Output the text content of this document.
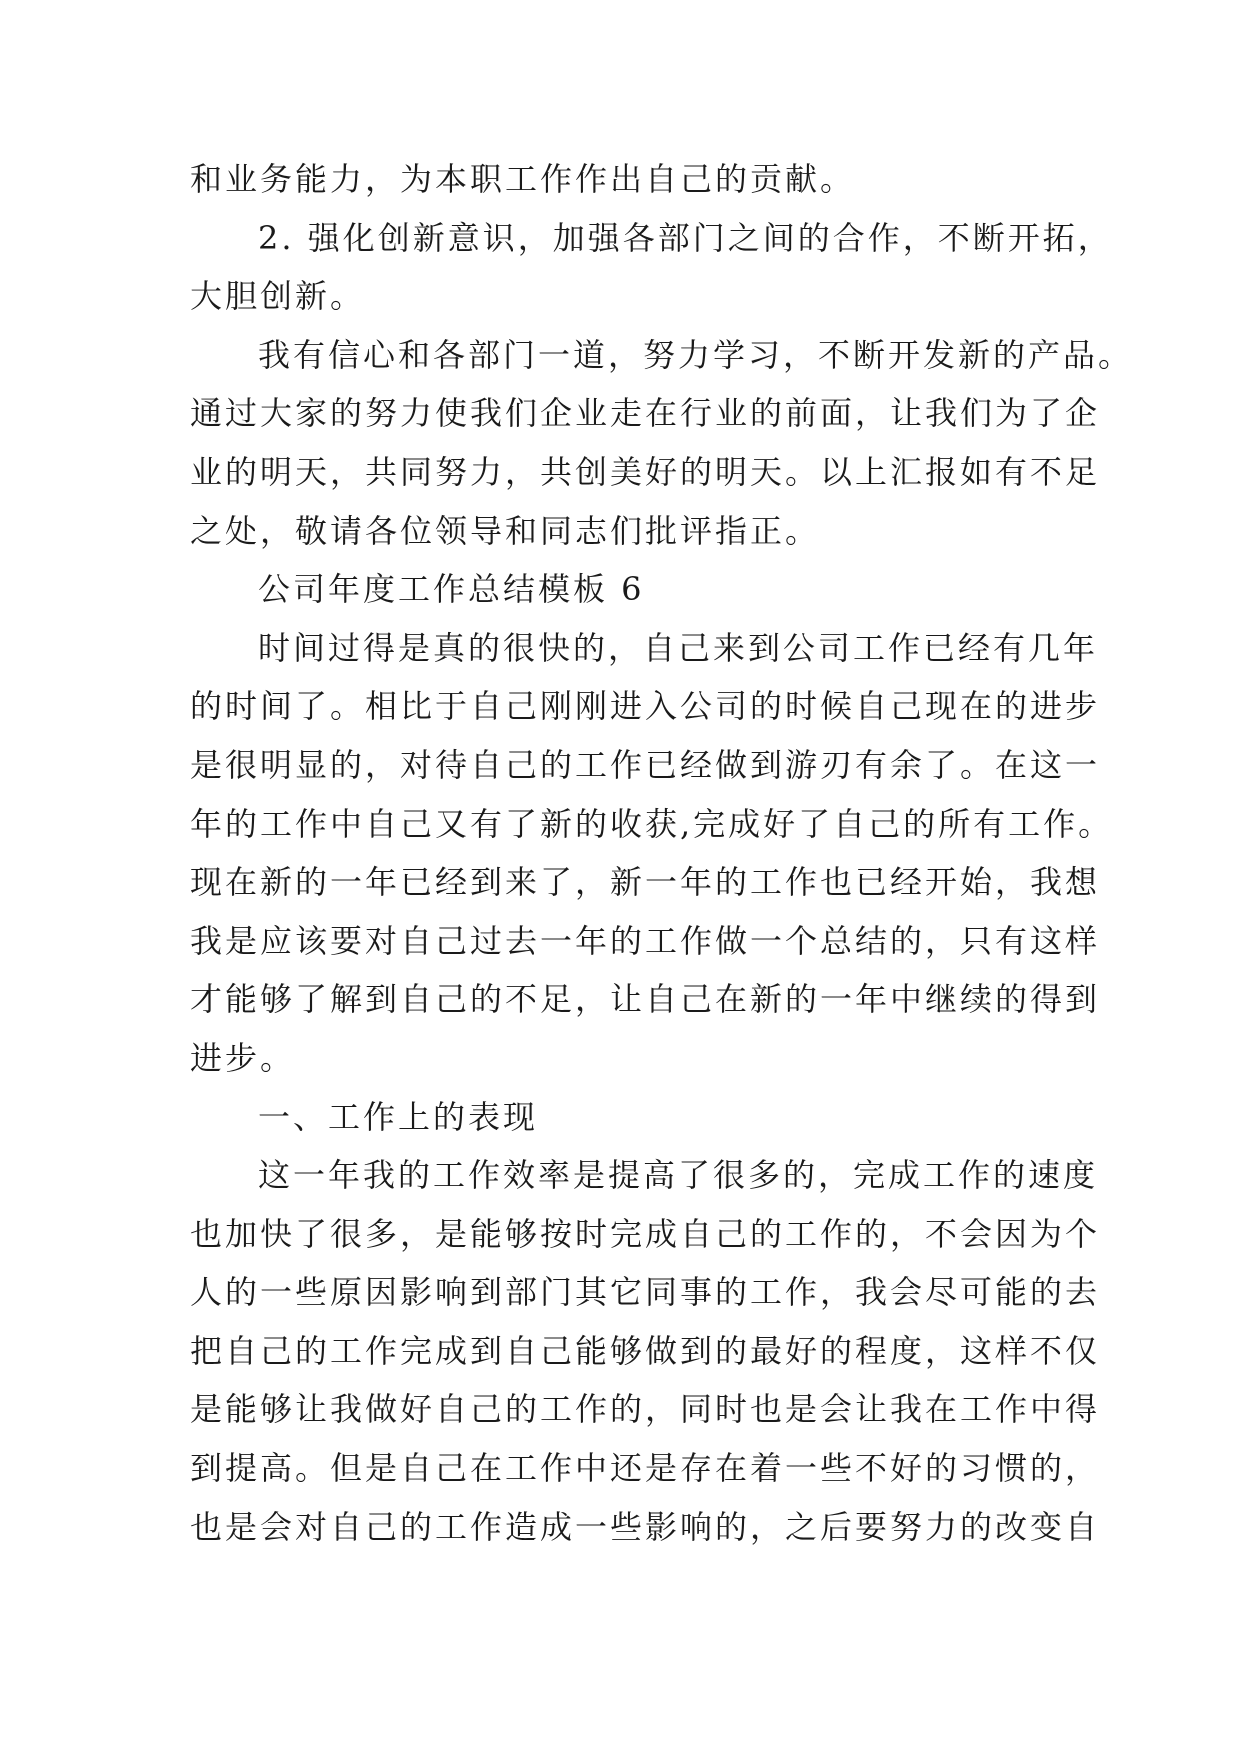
和业务能力，为本职工作作出自己的贡献。
2. 强化创新意识，加强各部门之间的合作，不断开拓，
大胆创新。
我有信心和各部门一道，努力学习，不断开发新的产品。
通过大家的努力使我们企业走在行业的前面，让我们为了企
业的明天，共同努力，共创美好的明天。以上汇报如有不足
之处，敬请各位领导和同志们批评指正。
公司年度工作总结模板 6
时间过得是真的很快的，自己来到公司工作已经有几年
的时间了。相比于自己刚刚进入公司的时候自己现在的进步
是很明显的，对待自己的工作已经做到游刃有余了。在这一
年的工作中自己又有了新的收获,完成好了自己的所有工作。
现在新的一年已经到来了，新一年的工作也已经开始，我想
我是应该要对自己过去一年的工作做一个总结的，只有这样
才能够了解到自己的不足，让自己在新的一年中继续的得到
进步。
一、工作上的表现
这一年我的工作效率是提高了很多的，完成工作的速度
也加快了很多，是能够按时完成自己的工作的，不会因为个
人的一些原因影响到部门其它同事的工作，我会尽可能的去
把自己的工作完成到自己能够做到的最好的程度，这样不仅
是能够让我做好自己的工作的，同时也是会让我在工作中得
到提高。但是自己在工作中还是存在着一些不好的习惯的，
也是会对自己的工作造成一些影响的，之后要努力的改变自
